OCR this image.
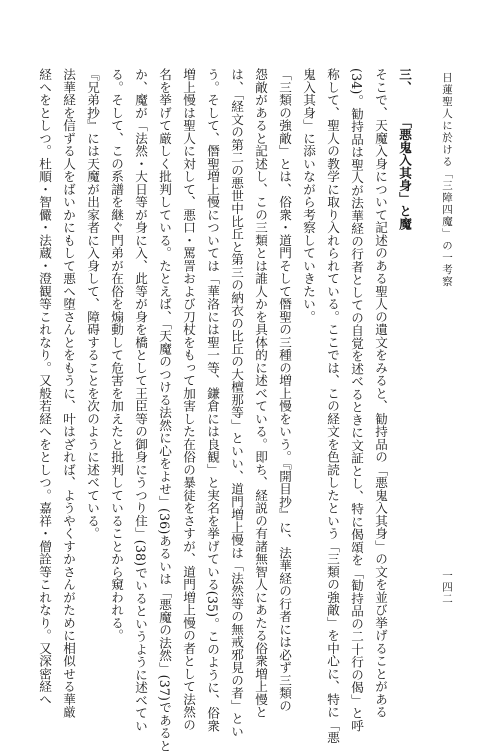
日蓮聖人に於ける「三障四魔」の一考察
一四二
三、「悪鬼入其身」と魔
そこで、天魔入身について記述のある聖人の遺文をみると、勧持品の「悪鬼入其身」の文を並び挙げることがある
(34)。勧持品は聖人が法華経の行者としての自覚を述べるときに文証とし、特に偈頌を「勧持品の二十行の偈」と呼
称して、聖人の教学に取り入れられている。ここでは、この経文を色読したという「三類の強敵」を中心に、特に「悪
鬼入其身」に添いながら考察していきたい。
「三類の強敵」とは、俗衆・道門そして僭聖の三種の増上慢をいう。『開目抄』に、法華経の行者には必ず三類の
怨敵があると記述し、この三類とは誰人かを具体的に述べている。即ち、経説の有諸無智人にあたる俗衆増上慢と
は、「経文の第二の悪世中比丘と第三の納衣の比丘の大檀那等」といい、道門増上慢は「法然等の無戒邪見の者」とい
う。そして、僭聖増上慢については「華洛には聖一等、鎌倉には良観」と実名を挙げている(35)。このように、俗衆
増上慢は聖人に対して、悪口・罵詈および刀杖をもって加害した在俗の暴徒をさすが、道門増上慢の者として法然の
名を挙げて厳しく批判している。たとえば、「天魔のつける法然に心をよせ」(36)あるいは「悪魔の法然」(37)であると
か、魔が「法然・大日等が身に入、此等が身を橋として王臣等の御身にうつり住」(38)でいるというように述べてい
る。そして、この系譜を継ぐ門弟が在俗を煽動して危害を加えたと批判していることから窺われる。
『兄弟抄』には天魔が出家者に入身して、障碍することを次のように述べている。
法華経を信ずる人をばいかにもして悪へ堕さんとをもうに、叶はざれば、ようやくすかさんがために相似せる華厳
経へをとしつ。杜順・智儼・法蔵・澄観等これなり。又般若経へをとしつ。嘉祥・僧詮等これなり。又深密経へ
